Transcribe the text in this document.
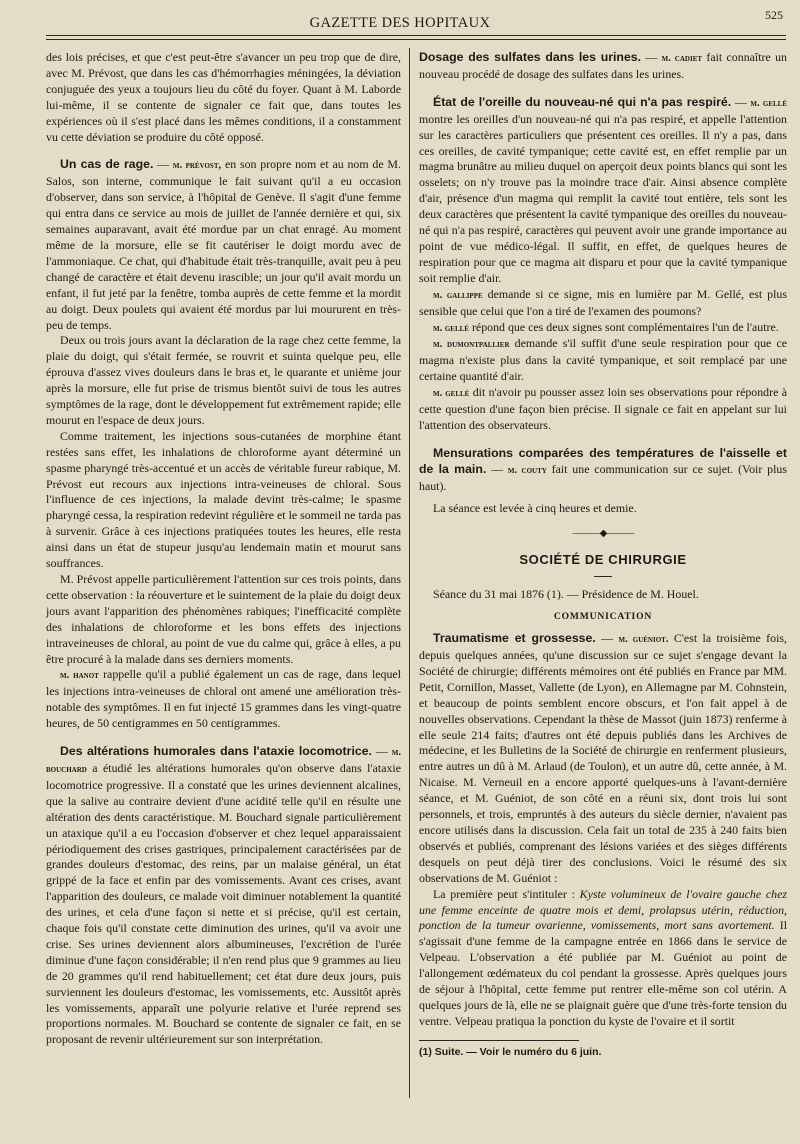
GAZETTE DES HOPITAUX	525

des lois précises, et que c'est peut-être s'avancer un peu trop que de dire, avec M. Prévost, que dans les cas d'hémorrhagies méningées, la déviation conjuguée des yeux a toujours lieu du côté du foyer. Quant à M. Laborde lui-même, il se contente de signaler ce fait que, dans toutes les expériences où il s'est placé dans les mêmes conditions, il a constamment vu cette déviation se produire du côté opposé.

Un cas de rage. — m. prévost, en son propre nom et au nom de M. Salos, son interne, communique le fait suivant qu'il a eu occasion d'observer, dans son service, à l'hôpital de Genève. Il s'agit d'une femme qui entra dans ce service au mois de juillet de l'année dernière et qui, six semaines auparavant, avait été mordue par un chat enragé. Au moment même de la morsure, elle se fit cautériser le doigt mordu avec de l'ammoniaque. Ce chat, qui d'habitude était très-tranquille, avait peu à peu changé de caractère et était devenu irascible; un jour qu'il avait mordu un enfant, il fut jeté par la fenêtre, tomba auprès de cette femme et la mordit au doigt. Deux poulets qui avaient été mordus par lui moururent en très-peu de temps.

Deux ou trois jours avant la déclaration de la rage chez cette femme, la plaie du doigt, qui s'était fermée, se rouvrit et suinta quelque peu, elle éprouva d'assez vives douleurs dans le bras et, le quarante et unième jour après la morsure, elle fut prise de trismus bientôt suivi de tous les autres symptômes de la rage, dont le développement fut extrêmement rapide; elle mourut en l'espace de deux jours.

Comme traitement, les injections sous-cutanées de morphine étant restées sans effet, les inhalations de chloroforme ayant déterminé un spasme pharyngé très-accentué et un accès de véritable fureur rabique, M. Prévost eut recours aux injections intra-veineuses de chloral. Sous l'influence de ces injections, la malade devint très-calme; le spasme pharyngé cessa, la respiration redevint régulière et le sommeil ne tarda pas à survenir. Grâce à ces injections pratiquées toutes les heures, elle resta ainsi dans un état de stupeur jusqu'au lendemain matin et mourut sans souffrances.

M. Prévost appelle particulièrement l'attention sur ces trois points, dans cette observation : la réouverture et le suintement de la plaie du doigt deux jours avant l'apparition des phénomènes rabiques; l'inefficacité complète des inhalations de chloroforme et les bons effets des injections intraveineuses de chloral, au point de vue du calme qui, grâce à elles, a pu être procuré à la malade dans ses derniers moments.

m. hanot rappelle qu'il a publié également un cas de rage, dans lequel les injections intra-veineuses de chloral ont amené une amélioration très-notable des symptômes. Il en fut injecté 15 grammes dans les vingt-quatre heures, de 50 centigrammes en 50 centigrammes.

Des altérations humorales dans l'ataxie locomotrice. — m. bouchard a étudié les altérations humorales qu'on observe dans l'ataxie locomotrice progressive. Il a constaté que les urines deviennent alcalines, que la salive au contraire devient d'une acidité telle qu'il en résulte une altération des dents caractéristique. M. Bouchard signale particulièrement un ataxique qu'il a eu l'occasion d'observer et chez lequel apparaissaient périodiquement des crises gastriques, principalement caractérisées par de grandes douleurs d'estomac, des reins, par un malaise général, un état grippé de la face et enfin par des vomissements. Avant ces crises, avant l'apparition des douleurs, ce malade voit diminuer notablement la quantité des urines, et cela d'une façon si nette et si précise, qu'il est certain, chaque fois qu'il constate cette diminution des urines, qu'il va avoir une crise. Ses urines deviennent alors albumineuses, l'excrétion de l'urée diminue d'une façon considérable; il n'en rend plus que 9 grammes au lieu de 20 grammes qu'il rend habituellement; cet état dure deux jours, puis surviennent les douleurs d'estomac, les vomissements, etc. Aussitôt après les vomissements, apparaît une polyurie relative et l'urée reprend ses proportions normales. M. Bouchard se contente de signaler ce fait, en se proposant de revenir ultérieurement sur son interprétation.

Dosage des sulfates dans les urines. — m. cadiet fait connaître un nouveau procédé de dosage des sulfates dans les urines.

État de l'oreille du nouveau-né qui n'a pas respiré. — m. gellé montre les oreilles d'un nouveau-né qui n'a pas respiré, et appelle l'attention sur les caractères particuliers que présentent ces oreilles. Il n'y a pas, dans ces oreilles, de cavité tympanique; cette cavité est, en effet remplie par un magma brunâtre au milieu duquel on aperçoit deux points blancs qui sont les osselets; on n'y trouve pas la moindre trace d'air. Ainsi absence complète d'air, présence d'un magma qui remplit la cavité tout entière, tels sont les deux caractères que présentent la cavité tympanique des oreilles du nouveau-né qui n'a pas respiré, caractères qui peuvent avoir une grande importance au point de vue médico-légal. Il suffit, en effet, de quelques heures de respiration pour que ce magma ait disparu et pour que la cavité tympanique soit remplie d'air.

m. gallippe demande si ce signe, mis en lumière par M. Gellé, est plus sensible que celui que l'on a tiré de l'examen des poumons?

m. gellé répond que ces deux signes sont complémentaires l'un de l'autre.

m. dumontpallier demande s'il suffit d'une seule respiration pour que ce magma n'existe plus dans la cavité tympanique, et soit remplacé par une certaine quantité d'air.

m. gellé dit n'avoir pu pousser assez loin ses observations pour répondre à cette question d'une façon bien précise. Il signale ce fait en appelant sur lui l'attention des observateurs.

Mensurations comparées des températures de l'aisselle et de la main. — m. couty fait une communication sur ce sujet. (Voir plus haut).

La séance est levée à cinq heures et demie.

———◆———
SOCIÉTÉ DE CHIRURGIE

Séance du 31 mai 1876 (1). — Présidence de M. Houel.

COMMUNICATION

Traumatisme et grossesse. — m. guéniot. C'est la troisième fois, depuis quelques années, qu'une discussion sur ce sujet s'engage devant la Société de chirurgie; différents mémoires ont été publiés en France par MM. Petit, Cornillon, Masset, Vallette (de Lyon), en Allemagne par M. Cohnstein, et beaucoup de points semblent encore obscurs, et l'on fait appel à de nouvelles observations. Cependant la thèse de Massot (juin 1873) renferme à elle seule 214 faits; d'autres ont été depuis publiés dans les Archives de médecine, et les Bulletins de la Société de chirurgie en renferment plusieurs, entre autres un dû à M. Arlaud (de Toulon), et un autre dû, cette année, à M. Nicaise. M. Verneuil en a encore apporté quelques-uns à l'avant-dernière séance, et M. Guéniot, de son côté en a réuni six, dont trois lui sont personnels, et trois, empruntés à des auteurs du siècle dernier, n'avaient pas encore utilisés dans la discussion. Cela fait un total de 235 à 240 faits bien observés et publiés, comprenant des lésions variées et des sièges différents desquels on peut déjà tirer des conclusions. Voici le résumé des six observations de M. Guéniot :

La première peut s'intituler : Kyste volumineux de l'ovaire gauche chez une femme enceinte de quatre mois et demi, prolapsus utérin, réduction, ponction de la tumeur ovarienne, vomissements, mort sans avortement. Il s'agissait d'une femme de la campagne entrée en 1866 dans le service de Velpeau. L'observation a été publiée par M. Guéniot au point de l'allongement œdémateux du col pendant la grossesse. Après quelques jours de séjour à l'hôpital, cette femme put rentrer elle-même son col utérin. A quelques jours de là, elle ne se plaignait guère que d'une très-forte tension du ventre. Velpeau pratiqua la ponction du kyste de l'ovaire et il sortit

(1) Suite. — Voir le numéro du 6 juin.
